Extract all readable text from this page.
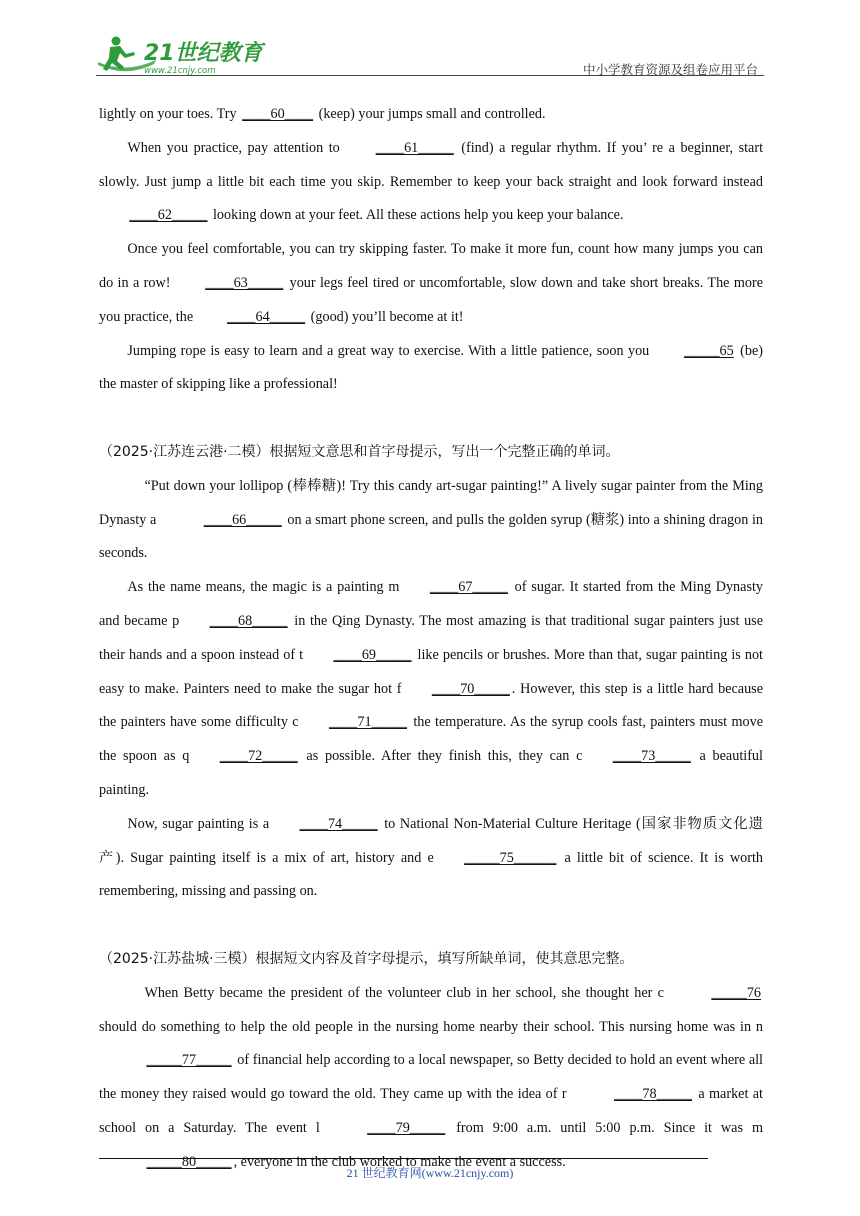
21世纪教育
www.21cnjy.com	中小学教育资源及组卷应用平台

lightly on your toes. Try ____60____ (keep) your jumps small and controlled.

When you practice, pay attention to ____61_____ (find) a regular rhythm. If you’ re a beginner, start slowly. Just jump a little bit each time you skip. Remember to keep your back straight and look forward instead ____62_____ looking down at your feet. All these actions help you keep your balance.

Once you feel comfortable, you can try skipping faster. To make it more fun, count how many jumps you can do in a row! ____63_____ your legs feel tired or uncomfortable, slow down and take short breaks. The more you practice, the ____64_____ (good) you’ll become at it!

Jumping rope is easy to learn and a great way to exercise. With a little patience, soon you _____65 (be) the master of skipping like a professional!

（2025·江苏连云港·二模）根据短文意思和首字母提示，写出一个完整正确的单词。

“Put down your lollipop (棒棒糖)! Try this candy art-sugar painting!” A lively sugar painter from the Ming Dynasty a	____66_____ on a smart phone screen, and pulls the golden syrup (糖浆) into a shining dragon in seconds.

As the name means, the magic is a painting m ____67_____ of sugar. It started from the Ming Dynasty and became p ____68_____ in the Qing Dynasty. The most amazing is that traditional sugar painters just use their hands and a spoon instead of t ____69_____ like pencils or brushes. More than that, sugar painting is not easy to make. Painters need to make the sugar hot f ____70_____ . However, this step is a little hard because the painters have some difficulty c ____71_____ the temperature. As the syrup cools fast, painters must move the spoon as q ____72_____ as possible. After they finish this, they can c ____73_____ a beautiful painting.

Now, sugar painting is a ____74_____ to National Non-Material Culture Heritage (国家非物质文化遗产). Sugar painting itself is a mix of art, history and e _____75______ a little bit of science. It is worth remembering, missing and passing on.

（2025·江苏盐城·三模）根据短文内容及首字母提示，填写所缺单词，使其意思完整。

When Betty became the president of the volunteer club in her school, she thought her c	_____76 should do something to help the old people in the nursing home nearby their school. This nursing home was in n_____77_____ of financial help according to a local newspaper, so Betty decided to hold an event where all the money they raised would go toward the old. They came up with the idea of r	____78_____ a market at school on a Saturday. The event l	____79_____ from 9:00 a.m. until 5:00 p.m. Since it was m_____80_____ , everyone in the club worked to make the event a success.

21 世纪教育网(www.21cnjy.com)
